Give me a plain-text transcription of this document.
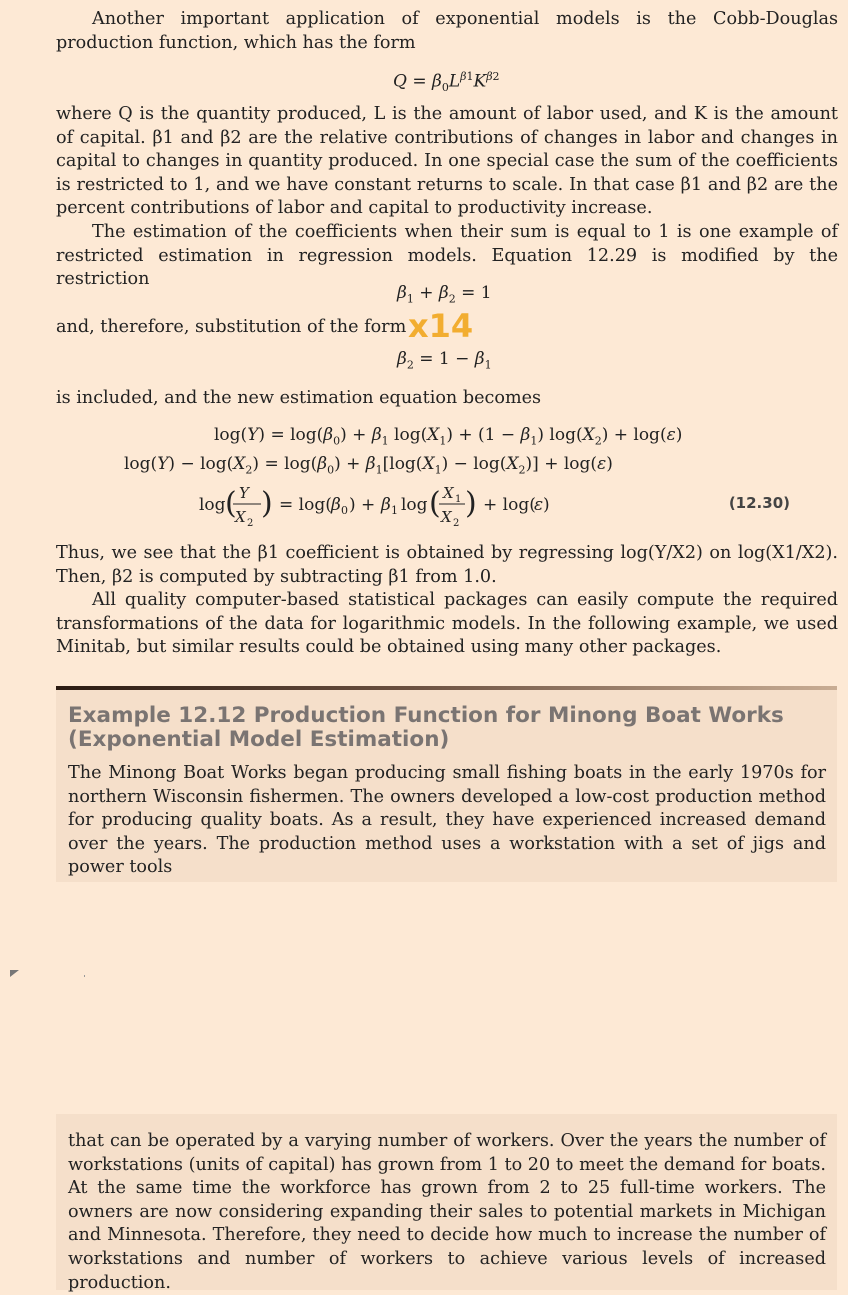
Another important application of exponential models is the Cobb-Douglas production function, which has the form

$Q = \beta_0L^{\beta 1}K^{\beta 2}$

where Q is the quantity produced, L is the amount of labor used, and K is the amount of capital. β1 and β2 are the relative contributions of changes in labor and changes in capital to changes in quantity produced. In one special case the sum of the coefficients is restricted to 1, and we have constant returns to scale. In that case β1 and β2 are the percent contributions of labor and capital to productivity increase.

The estimation of the coefficients when their sum is equal to 1 is one example of restricted estimation in regression models. Equation 12.29 is modified by the restriction

$\beta_1 + \beta_2 = 1$

and, therefore, substitution of the form x14
$\beta_2 = 1 - \beta_1$

is included, and the new estimation equation becomes

$\log(Y) = \log(\beta_0) + \beta_1$ $\log(X_1) + (1 - \beta_1) \log(X_2) + \log(\varepsilon)$
$\log(Y) - \log(X_2) = \log(\beta_0) + \beta_1[\log(X_1) - \log(X_2)] + \log(\varepsilon)$
log ( Y
X 2
) = log( β 0 ) + β 1 log ( X 1
X 2
) + log(
ε )	(12.30)

Thus, we see that the β1 coefficient is obtained by regressing log(Y/X2) on log(X1/X2). Then, β2 is computed by subtracting β1 from 1.0.

All quality computer-based statistical packages can easily compute the required transformations of the data for logarithmic models. In the following example, we used Minitab, but similar results could be obtained using many other packages.

Example 12.12 Production Function for Minong Boat Works (Exponential Model Estimation)

The Minong Boat Works began producing small fishing boats in the early 1970s for northern Wisconsin fishermen. The owners developed a low-cost production method for producing quality boats. As a result, they have experienced increased demand over the years. The production method uses a workstation with a set of jigs and power tools

that can be operated by a varying number of workers. Over the years the number of workstations (units of capital) has grown from 1 to 20 to meet the demand for boats. At the same time the workforce has grown from 2 to 25 full-time workers. The owners are now considering expanding their sales to potential markets in Michigan and Minnesota. Therefore, they need to decide how much to increase the number of workstations and number of workers to achieve various levels of increased production.
